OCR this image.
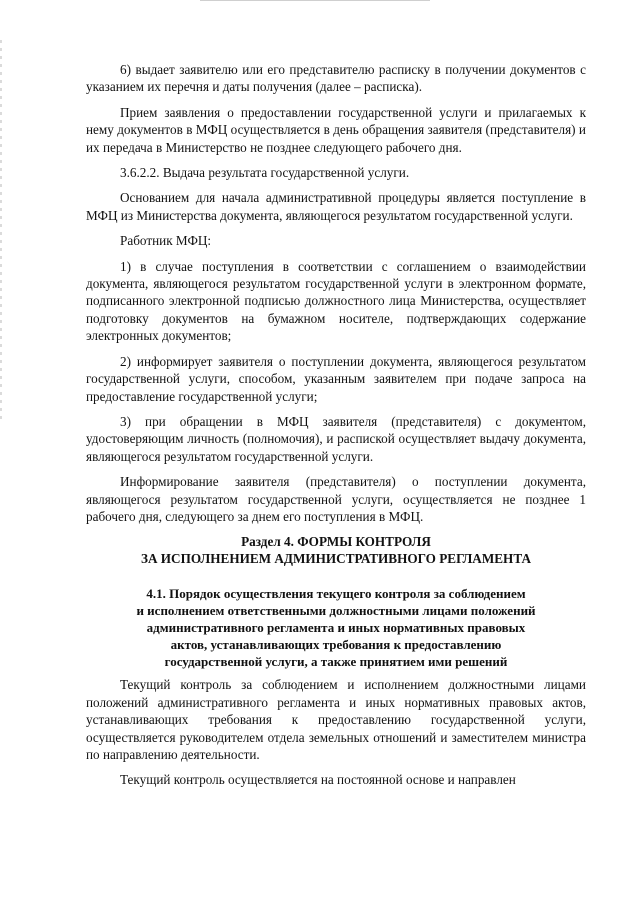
6) выдает заявителю или его представителю расписку в получении документов с указанием их перечня и даты получения (далее – расписка).

Прием заявления о предоставлении государственной услуги и прилагаемых к нему документов в МФЦ осуществляется в день обращения заявителя (представителя) и их передача в Министерство не позднее следующего рабочего дня.

3.6.2.2. Выдача результата государственной услуги.

Основанием для начала административной процедуры является поступление в МФЦ из Министерства документа, являющегося результатом государственной услуги.

Работник МФЦ:

1) в случае поступления в соответствии с соглашением о взаимодействии документа, являющегося результатом государственной услуги в электронном формате, подписанного электронной подписью должностного лица Министерства, осуществляет подготовку документов на бумажном носителе, подтверждающих содержание электронных документов;

2) информирует заявителя о поступлении документа, являющегося результатом государственной услуги, способом, указанным заявителем при подаче запроса на предоставление государственной услуги;

3) при обращении в МФЦ заявителя (представителя) с документом, удостоверяющим личность (полномочия), и распиской осуществляет выдачу документа, являющегося результатом государственной услуги.

Информирование заявителя (представителя) о поступлении документа, являющегося результатом государственной услуги, осуществляется не позднее 1 рабочего дня, следующего за днем его поступления в МФЦ.

Раздел 4. ФОРМЫ КОНТРОЛЯ
ЗА ИСПОЛНЕНИЕМ АДМИНИСТРАТИВНОГО РЕГЛАМЕНТА
4.1. Порядок осуществления текущего контроля за соблюдением
и исполнением ответственными должностными лицами положений
административного регламента и иных нормативных правовых
актов, устанавливающих требования к предоставлению
государственной услуги, а также принятием ими решений

Текущий контроль за соблюдением и исполнением должностными лицами положений административного регламента и иных нормативных правовых актов, устанавливающих требования к предоставлению государственной услуги, осуществляется руководителем отдела земельных отношений и заместителем министра по направлению деятельности.

Текущий контроль осуществляется на постоянной основе и направлен
